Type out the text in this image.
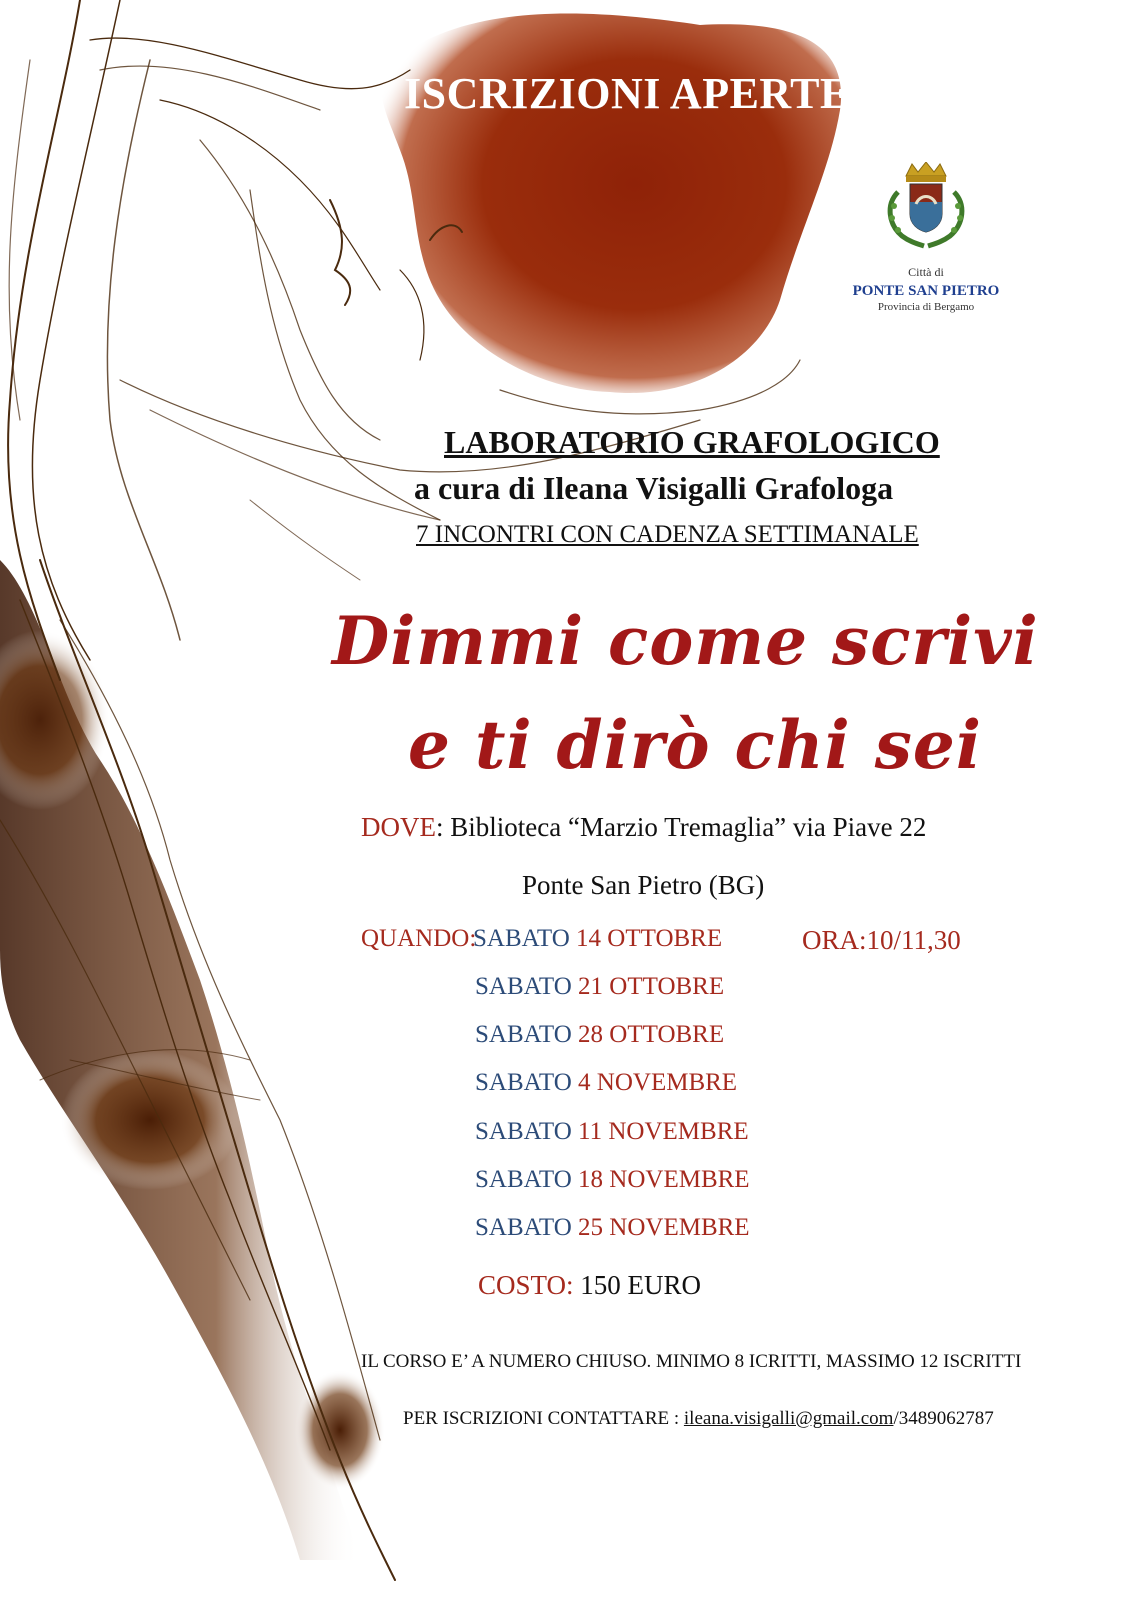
ISCRIZIONI APERTE
Città di
PONTE SAN PIETRO
Provincia di Bergamo

LABORATORIO GRAFOLOGICO

a cura di Ileana Visigalli Grafologa

7 INCONTRI CON CADENZA SETTIMANALE

Dimmi come scrivi

e ti dirò chi sei

DOVE: Biblioteca “Marzio Tremaglia” via Piave 22

Ponte San Pietro (BG)

QUANDO:	ORA:10/11,30

SABATO 14 OTTOBRE

SABATO 21 OTTOBRE

SABATO 28 OTTOBRE

SABATO 4 NOVEMBRE

SABATO 11 NOVEMBRE

SABATO 18 NOVEMBRE

SABATO 25 NOVEMBRE

COSTO: 150 EURO

IL CORSO E’ A NUMERO CHIUSO. MINIMO 8 ICRITTI, MASSIMO 12 ISCRITTI

PER ISCRIZIONI CONTATTARE : ileana.visigalli@gmail.com/3489062787
